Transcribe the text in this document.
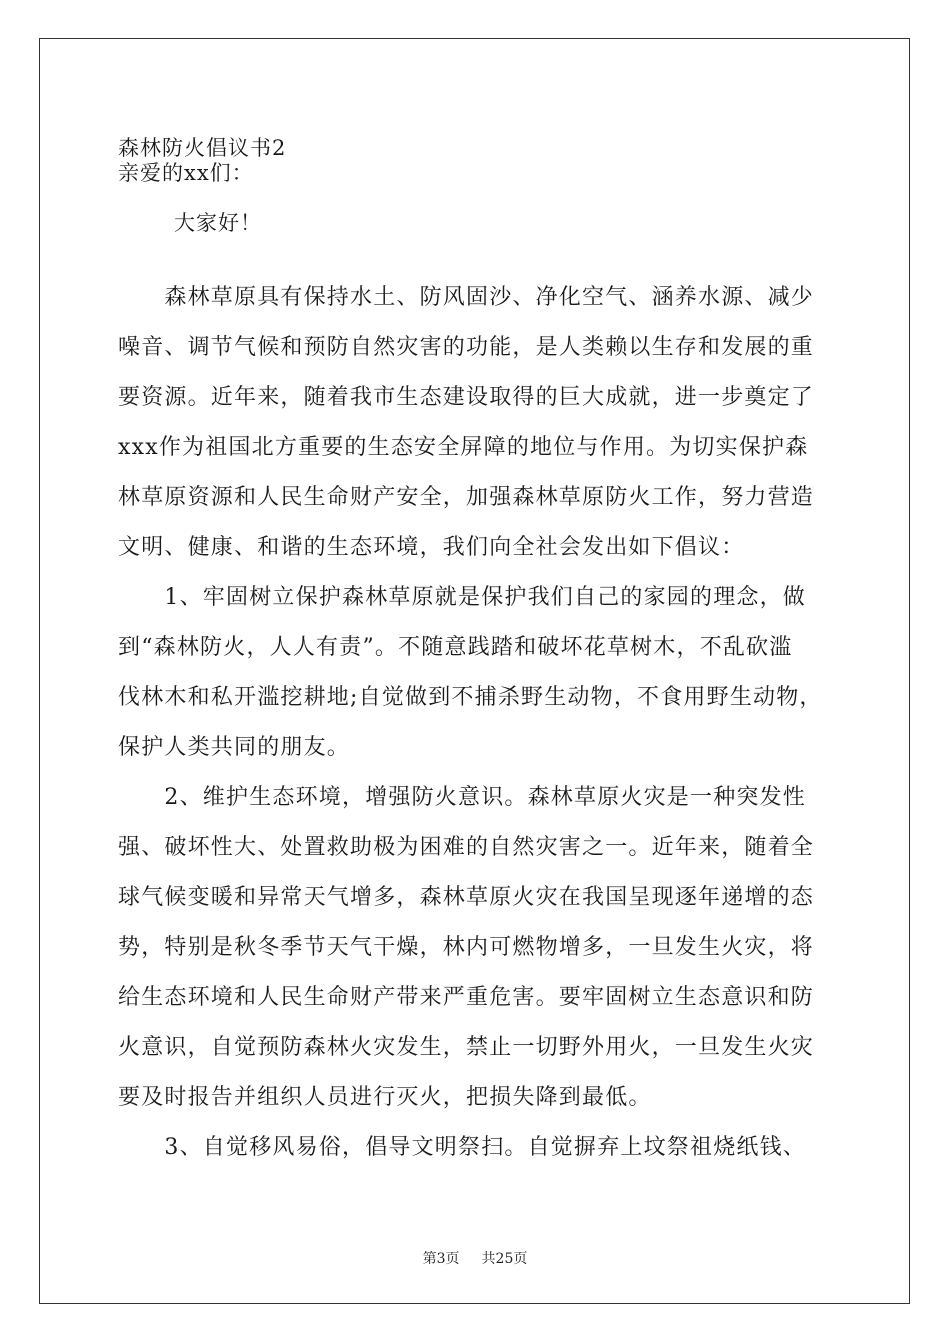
森林防火倡议书2
亲爱的xx们：
大家好！
　　森林草原具有保持水土、防风固沙、净化空气、涵养水源、减少
噪音、调节气候和预防自然灾害的功能，是人类赖以生存和发展的重
要资源。近年来，随着我市生态建设取得的巨大成就，进一步奠定了
xxx作为祖国北方重要的生态安全屏障的地位与作用。为切实保护森
林草原资源和人民生命财产安全，加强森林草原防火工作，努力营造
文明、健康、和谐的生态环境，我们向全社会发出如下倡议：
　　1、牢固树立保护森林草原就是保护我们自己的家园的理念，做
到“森林防火，人人有责”。不随意践踏和破坏花草树木，不乱砍滥
伐林木和私开滥挖耕地;自觉做到不捕杀野生动物，不食用野生动物，
保护人类共同的朋友。
　　2、维护生态环境，增强防火意识。森林草原火灾是一种突发性
强、破坏性大、处置救助极为困难的自然灾害之一。近年来，随着全
球气候变暖和异常天气增多，森林草原火灾在我国呈现逐年递增的态
势，特别是秋冬季节天气干燥，林内可燃物增多，一旦发生火灾，将
给生态环境和人民生命财产带来严重危害。要牢固树立生态意识和防
火意识，自觉预防森林火灾发生，禁止一切野外用火，一旦发生火灾
要及时报告并组织人员进行灭火，把损失降到最低。
　　3、自觉移风易俗，倡导文明祭扫。自觉摒弃上坟祭祖烧纸钱、
第3页 共25页
